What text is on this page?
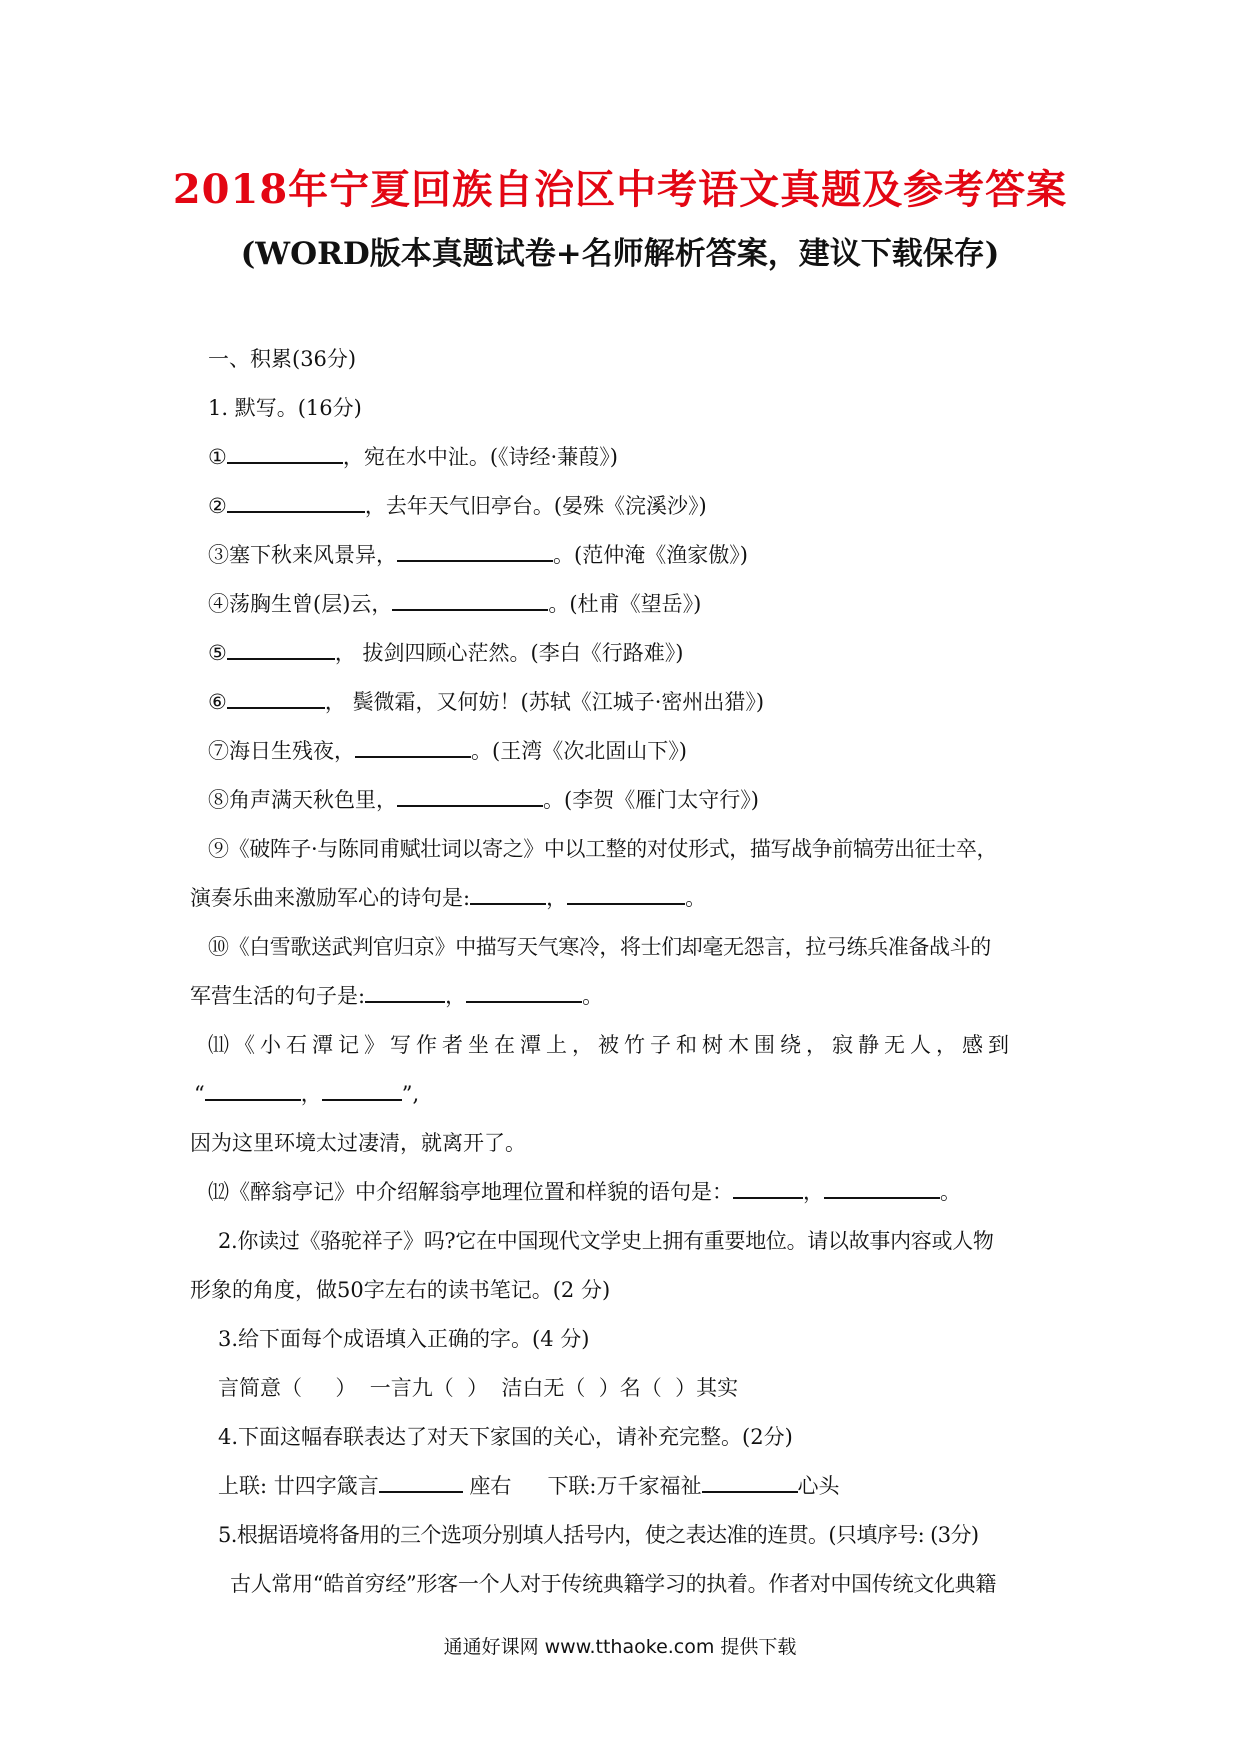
2018年宁夏回族自治区中考语文真题及参考答案
(WORD版本真题试卷+名师解析答案，建议下载保存)
一、积累(36分)
1. 默写。(16分)
①	，宛在水中沚。(《诗经·蒹葭》)
②	，去年天气旧亭台。(晏殊《浣溪沙》)
③塞下秋来风景异，	。(范仲淹《渔家傲》)
④荡胸生曾(层)云，	。(杜甫《望岳》)
⑤	， 拔剑四顾心茫然。(李白《行路难》)
⑥	， 鬓微霜，又何妨！(苏轼《江城子·密州出猎》)
⑦海日生残夜，	。(王湾《次北固山下》)
⑧角声满天秋色里，	。(李贺《雁门太守行》)
⑨《破阵子·与陈同甫赋壮词以寄之》中以工整的对仗形式，描写战争前犒劳出征士卒，
演奏乐曲来激励军心的诗句是:	，	。
⑩《白雪歌送武判官归京》中描写天气寒冷，将士们却毫无怨言，拉弓练兵准备战斗的
军营生活的句子是:	，	。
⑾《小石潭记》写作者坐在潭上，被竹子和树木围绕，寂静无人，感到
“	，	”,
因为这里环境太过凄清，就离开了。
⑿《醉翁亭记》中介绍解翁亭地理位置和样貌的语句是：	，	。
2.你读过《骆驼祥子》吗?它在中国现代文学史上拥有重要地位。请以故事内容或人物
形象的角度，做50字左右的读书笔记。(2 分)
3.给下面每个成语填入正确的字。(4 分)
言简意（     ）  一言九（  ）  洁白无（  ）名（  ）其实
4.下面这幅春联表达了对天下家国的关心，请补充完整。(2分)
上联: 廿四字箴言	座右 下联:万千家福祉	心头
5.根据语境将备用的三个选项分别填人括号内，使之表达准的连贯。(只填序号: (3分)
古人常用“皓首穷经”形客一个人对于传统典籍学习的执着。作者对中国传统文化典籍
通通好课网 www.tthaoke.com 提供下载
